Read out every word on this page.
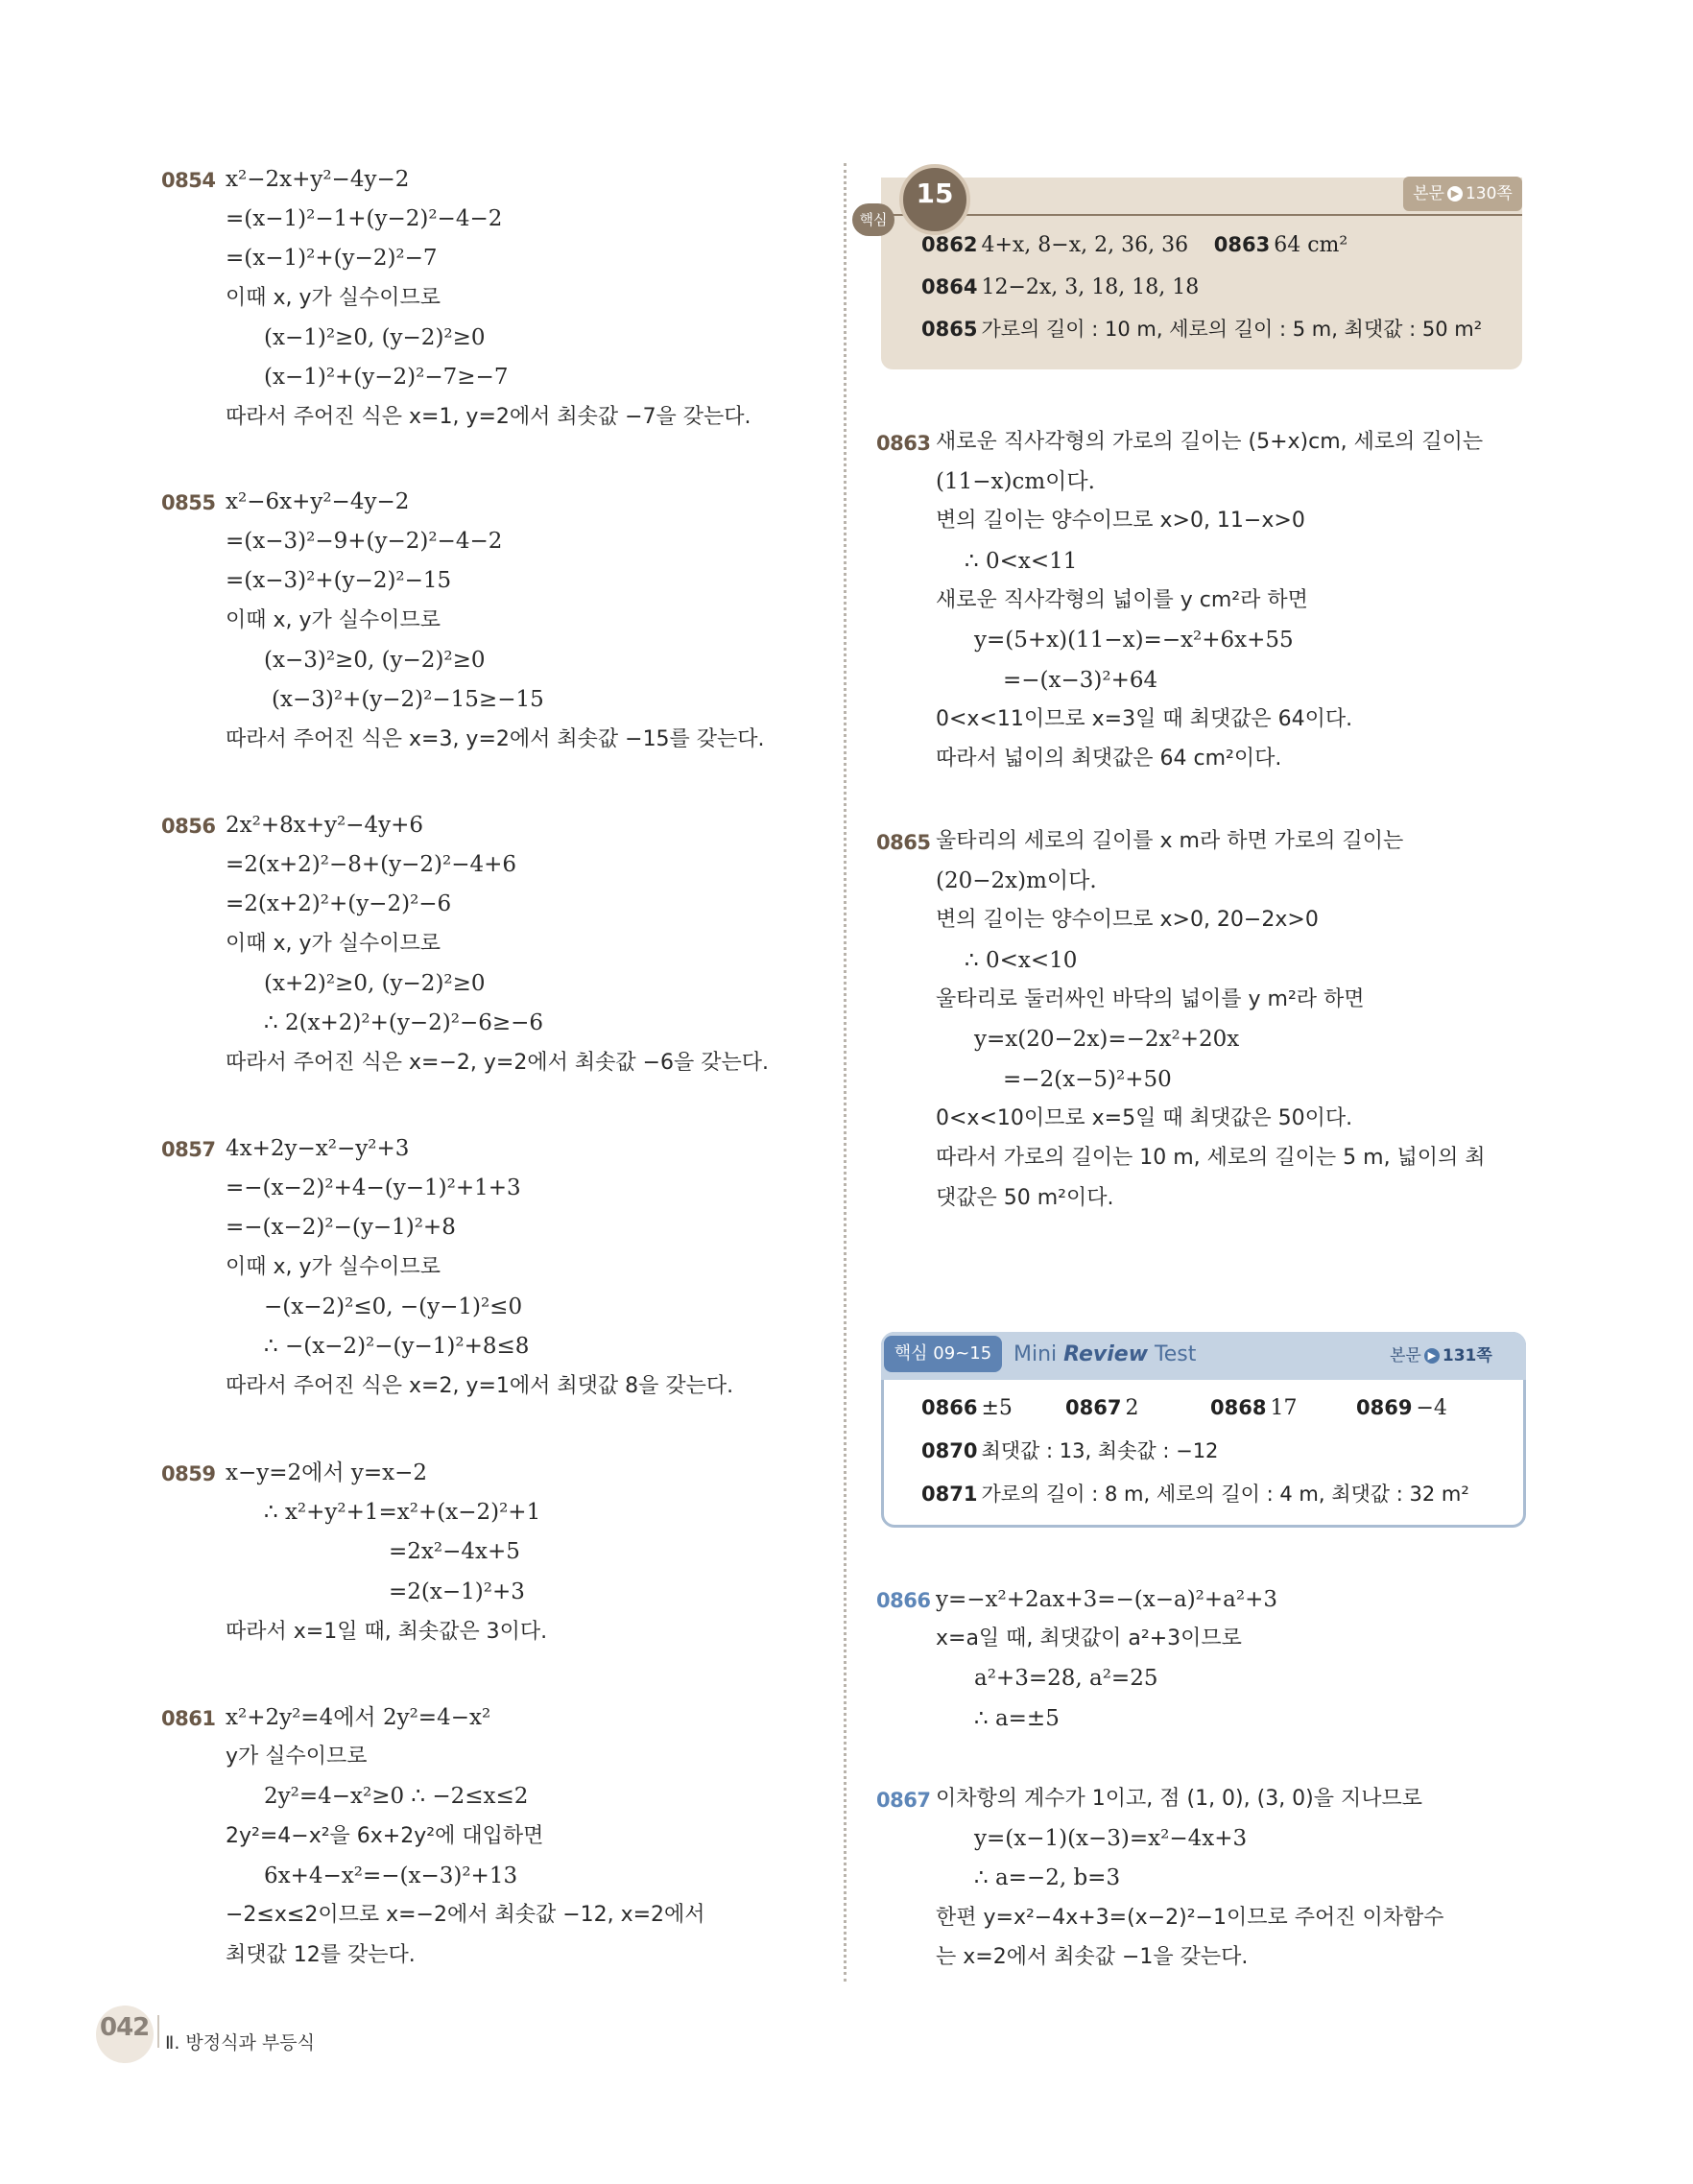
0854 x²−2x+y²−4y−2
=(x−1)²−1+(y−2)²−4−2
=(x−1)²+(y−2)²−7
이때 x, y가 실수이므로
(x−1)²≥0, (y−2)²≥0
(x−1)²+(y−2)²−7≥−7
따라서 주어진 식은 x=1, y=2에서 최솟값 −7을 갖는다.
0855 x²−6x+y²−4y−2
=(x−3)²−9+(y−2)²−4−2
=(x−3)²+(y−2)²−15
이때 x, y가 실수이므로
(x−3)²≥0, (y−2)²≥0
(x−3)²+(y−2)²−15≥−15
따라서 주어진 식은 x=3, y=2에서 최솟값 −15를 갖는다.
0856 2x²+8x+y²−4y+6
=2(x+2)²−8+(y−2)²−4+6
=2(x+2)²+(y−2)²−6
이때 x, y가 실수이므로
(x+2)²≥0, (y−2)²≥0
∴ 2(x+2)²+(y−2)²−6≥−6
따라서 주어진 식은 x=−2, y=2에서 최솟값 −6을 갖는다.
0857 4x+2y−x²−y²+3
=−(x−2)²+4−(y−1)²+1+3
=−(x−2)²−(y−1)²+8
이때 x, y가 실수이므로
−(x−2)²≤0, −(y−1)²≤0
∴ −(x−2)²−(y−1)²+8≤8
따라서 주어진 식은 x=2, y=1에서 최댓값 8을 갖는다.
0859 x−y=2에서 y=x−2
∴ x²+y²+1=x²+(x−2)²+1
=2x²−4x+5
=2(x−1)²+3
따라서 x=1일 때, 최솟값은 3이다.
0861 x²+2y²=4에서 2y²=4−x²
y가 실수이므로
2y²=4−x²≥0 ∴ −2≤x≤2
2y²=4−x²을 6x+2y²에 대입하면
6x+4−x²=−(x−3)²+13
−2≤x≤2이므로 x=−2에서 최솟값 −12, x=2에서
최댓값 12를 갖는다.
15
핵심
본문 ▶ 130쪽
0862 4+x, 8−x, 2, 36, 36 0863 64 cm²
0864 12−2x, 3, 18, 18, 18
0865 가로의 길이 : 10 m, 세로의 길이 : 5 m, 최댓값 : 50 m²
0863 새로운 직사각형의 가로의 길이는 (5+x)cm, 세로의 길이는
(11−x)cm이다.
변의 길이는 양수이므로 x>0, 11−x>0
∴ 0<x<11
새로운 직사각형의 넓이를 y cm²라 하면
y=(5+x)(11−x)=−x²+6x+55
=−(x−3)²+64
0<x<11이므로 x=3일 때 최댓값은 64이다.
따라서 넓이의 최댓값은 64 cm²이다.
0865 울타리의 세로의 길이를 x m라 하면 가로의 길이는
(20−2x)m이다.
변의 길이는 양수이므로 x>0, 20−2x>0
∴ 0<x<10
울타리로 둘러싸인 바닥의 넓이를 y m²라 하면
y=x(20−2x)=−2x²+20x
=−2(x−5)²+50
0<x<10이므로 x=5일 때 최댓값은 50이다.
따라서 가로의 길이는 10 m, 세로의 길이는 5 m, 넓이의 최
댓값은 50 m²이다.
0866 y=−x²+2ax+3=−(x−a)²+a²+3
x=a일 때, 최댓값이 a²+3이므로
a²+3=28, a²=25
∴ a=±5
0867 이차항의 계수가 1이고, 점 (1, 0), (3, 0)을 지나므로
y=(x−1)(x−3)=x²−4x+3
∴ a=−2, b=3
한편 y=x²−4x+3=(x−2)²−1이므로 주어진 이차함수
는 x=2에서 최솟값 −1을 갖는다.
핵심 09~15	Mini Review Test	본문 ▶ 131쪽
0866 ±5	0867 2	0868 17	0869 −4
0870 최댓값 : 13, 최솟값 : −12
0871 가로의 길이 : 8 m, 세로의 길이 : 4 m, 최댓값 : 32 m²
042
Ⅱ. 방정식과 부등식
